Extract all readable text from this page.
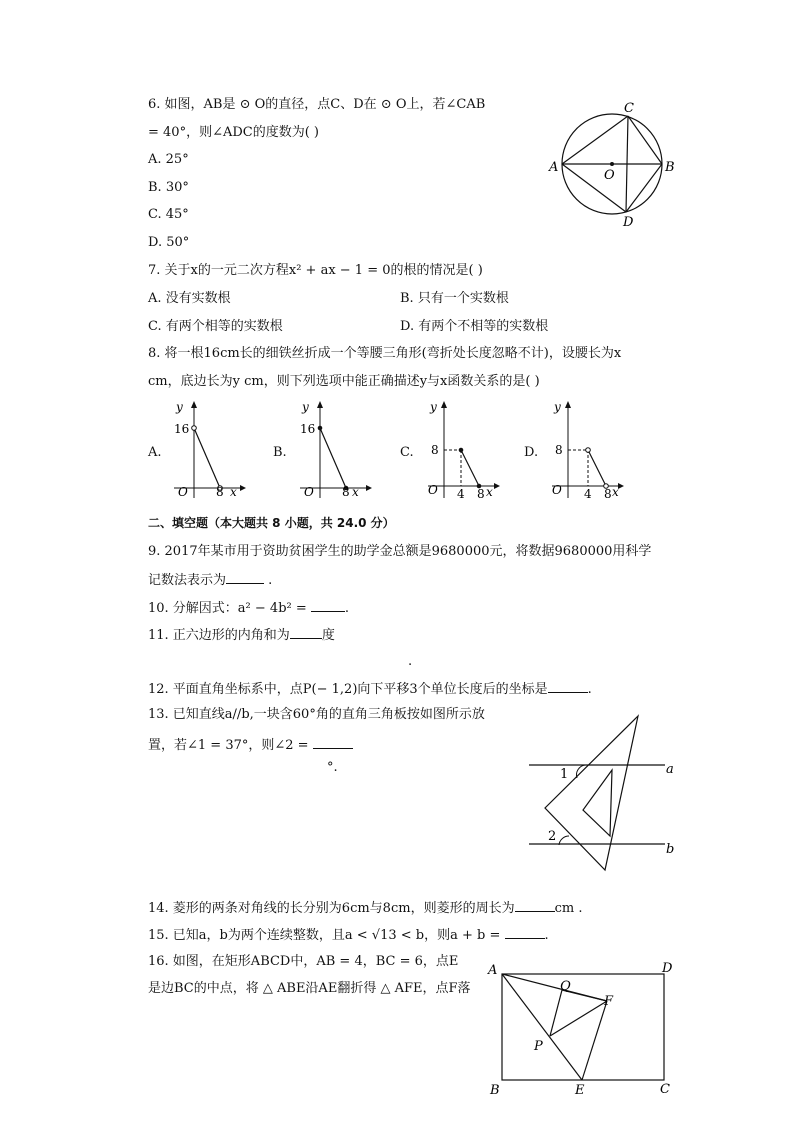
6. 如图，AB是 ⊙ O的直径，点C、D在 ⊙ O上，若∠CAB
= 40°，则∠ADC的度数为( )
A. 25°
B. 30°
C. 45°
D. 50°
A	B
C
D
O
7. 关于x的一元二次方程x² + ax − 1 = 0的根的情况是( )
A. 没有实数根	B. 只有一个实数根
C. 有两个相等的实数根	D. 有两个不相等的实数根
8. 将一根16cm长的细铁丝折成一个等腰三角形(弯折处长度忽略不计)，设腰长为x
cm，底边长为y cm，则下列选项中能正确描述y与x函数关系的是( )
A.
y
x
O
16
8
B.
y
x
O
16
8
C.
y
x
O
8
4 8
D.
y
x
O
8
4 8
二、填空题（本大题共 8 小题，共 24.0 分）
9. 2017年某市用于资助贫困学生的助学金总额是9680000元，将数据9680000用科学
记数法表示为	.
10. 分解因式：a² − 4b² =	.
11. 正六边形的内角和为 度
.
12. 平面直角坐标系中，点P(− 1,2)向下平移3个单位长度后的坐标是	.
13. 已知直线a//b,一块含60°角的直角三角板按如图所示放
置，若∠1 = 37°，则∠2 =
°.	1
2
a
b
14. 菱形的两条对角线的长分别为6cm与8cm，则菱形的周长为	cm .
15. 已知a，b为两个连续整数，且a < √13 < b，则a + b =	.
16. 如图，在矩形ABCD中，AB = 4，BC = 6，点E
是边BC的中点，将 △ ABE沿AE翻折得 △ AFE，点F落
A	D
B	C
E
F
P
Q
